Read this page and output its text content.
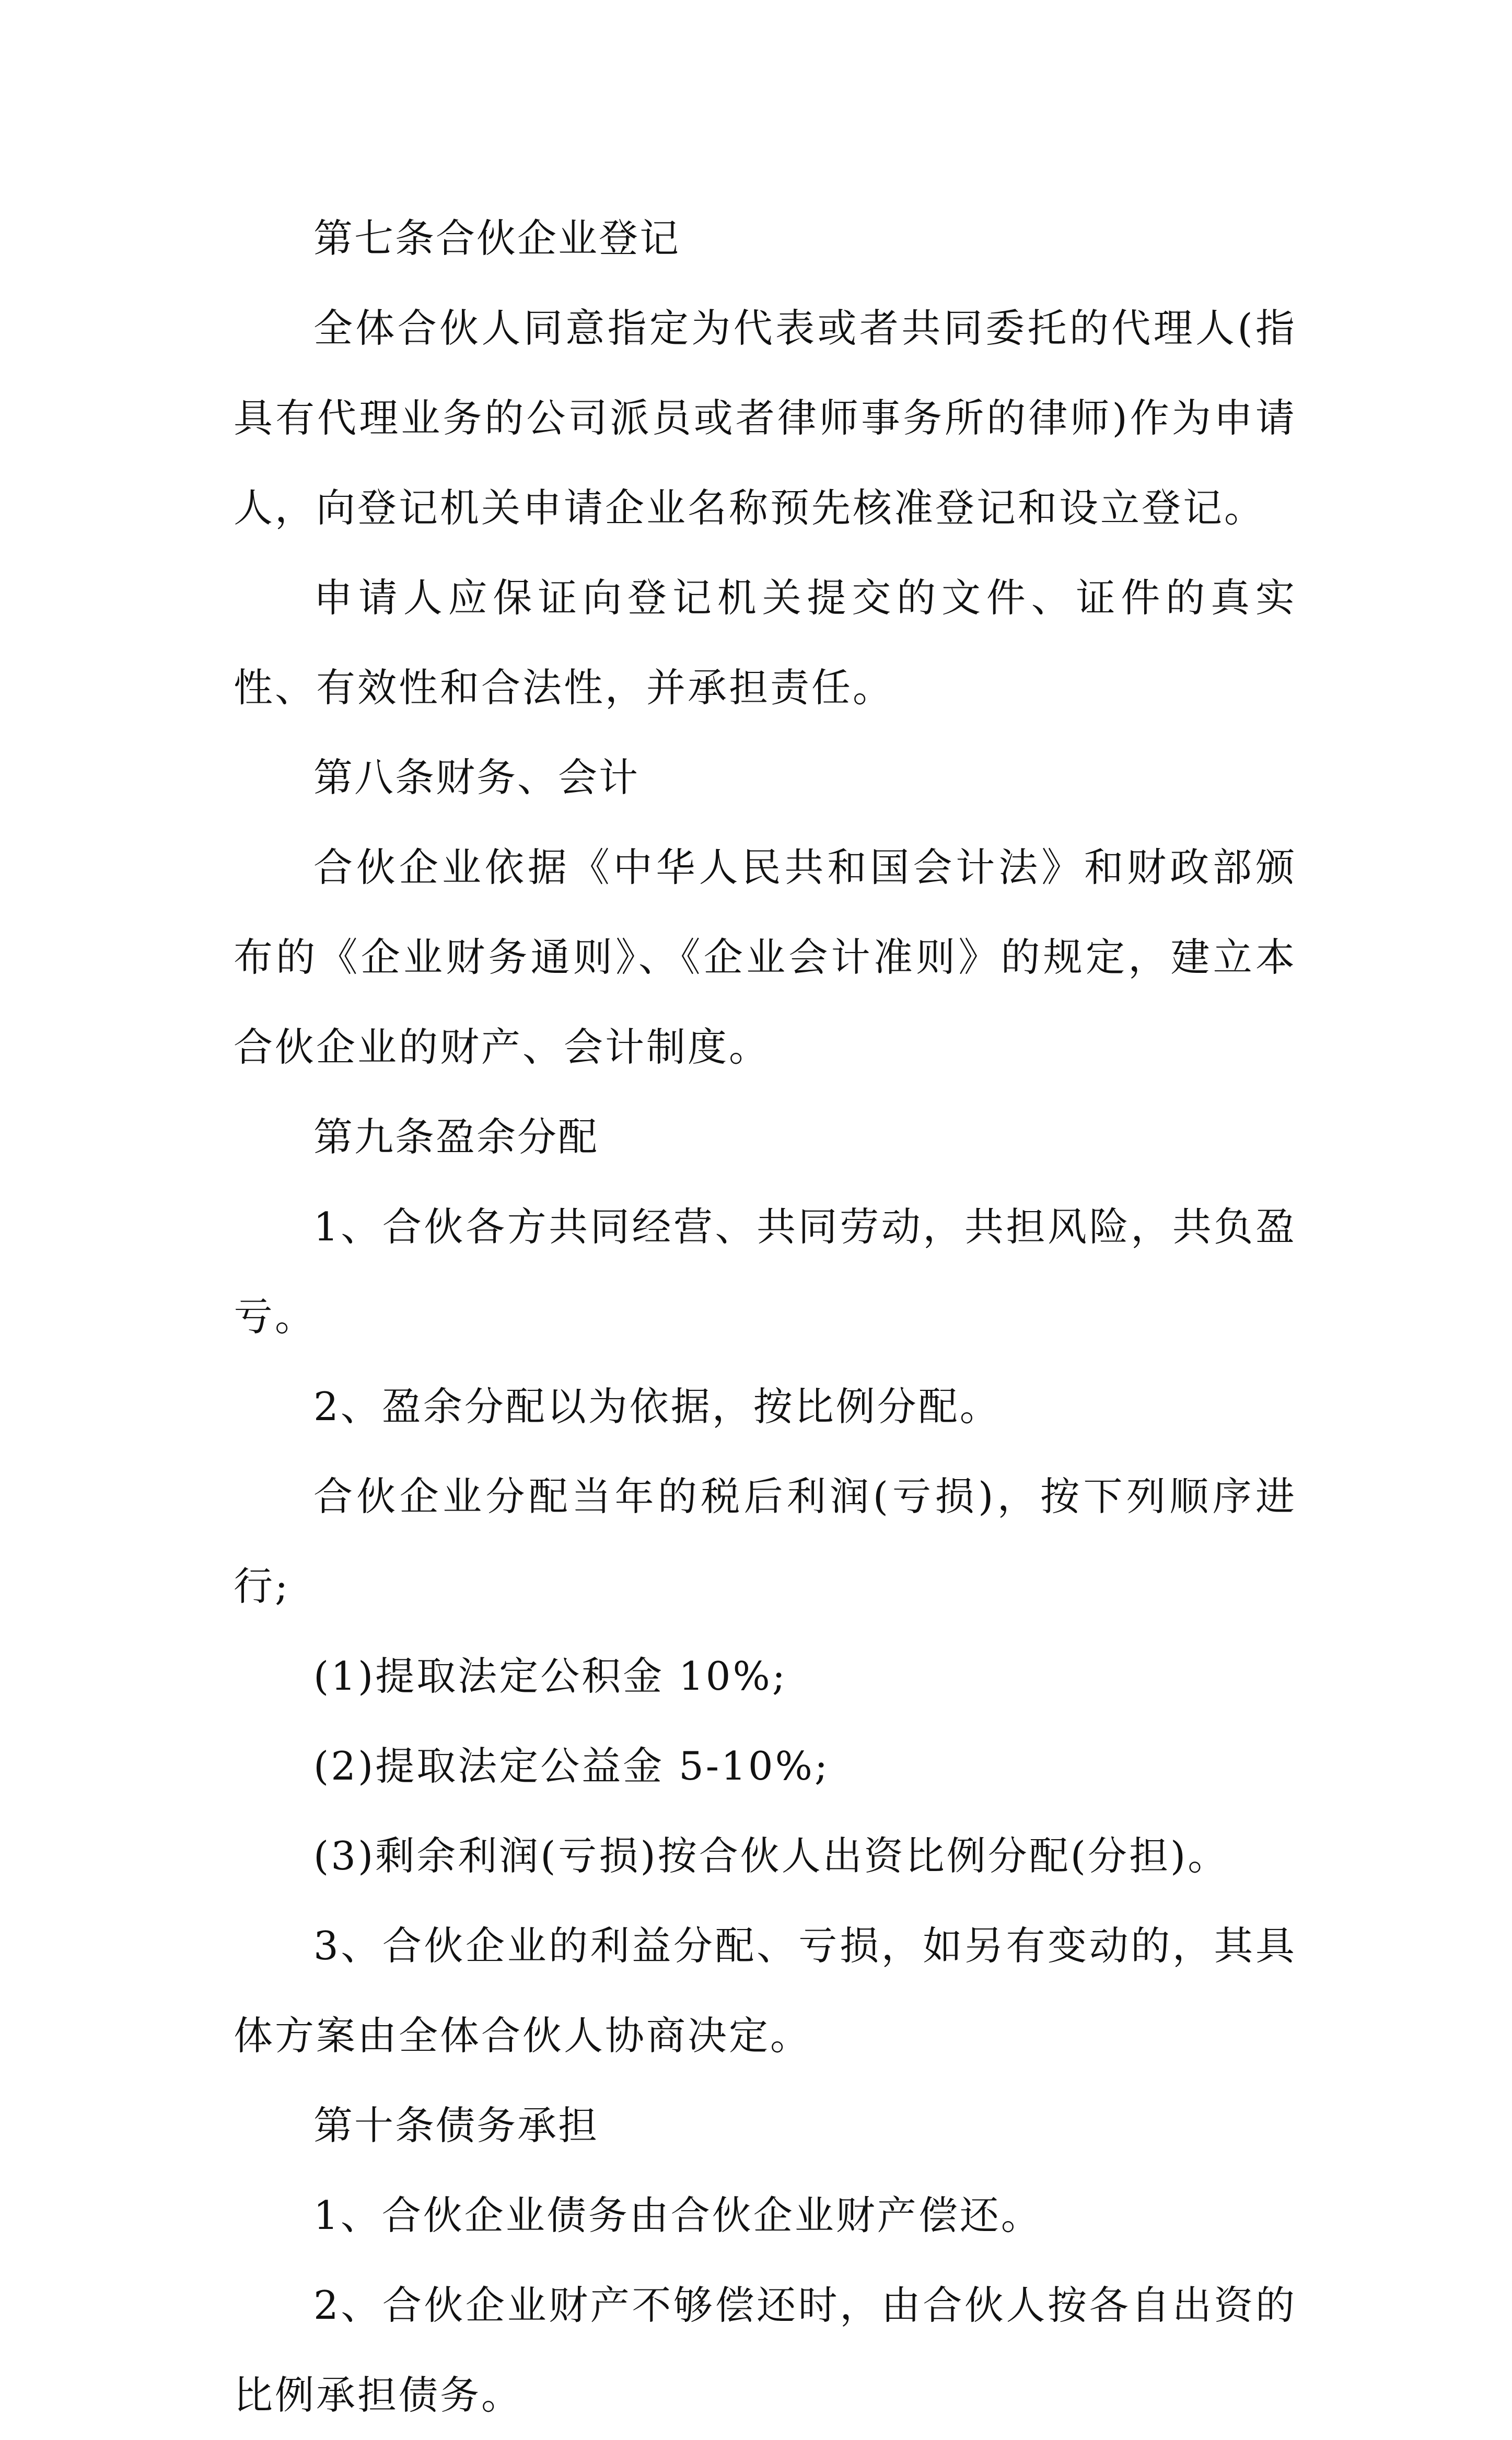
第七条合伙企业登记

全体合伙人同意指定为代表或者共同委托的代理人(指具有代理业务的公司派员或者律师事务所的律师)作为申请人，向登记机关申请企业名称预先核准登记和设立登记。

申请人应保证向登记机关提交的文件、证件的真实性、有效性和合法性，并承担责任。

第八条财务、会计

合伙企业依据《中华人民共和国会计法》和财政部颁布的《企业财务通则》、《企业会计准则》的规定，建立本合伙企业的财产、会计制度。

第九条盈余分配

1、合伙各方共同经营、共同劳动，共担风险，共负盈亏。

2、盈余分配以为依据，按比例分配。

合伙企业分配当年的税后利润(亏损)，按下列顺序进行;

(1)提取法定公积金 10%;

(2)提取法定公益金 5-10%;

(3)剩余利润(亏损)按合伙人出资比例分配(分担)。

3、合伙企业的利益分配、亏损，如另有变动的，其具体方案由全体合伙人协商决定。

第十条债务承担

1、合伙企业债务由合伙企业财产偿还。

2、合伙企业财产不够偿还时，由合伙人按各自出资的比例承担债务。
